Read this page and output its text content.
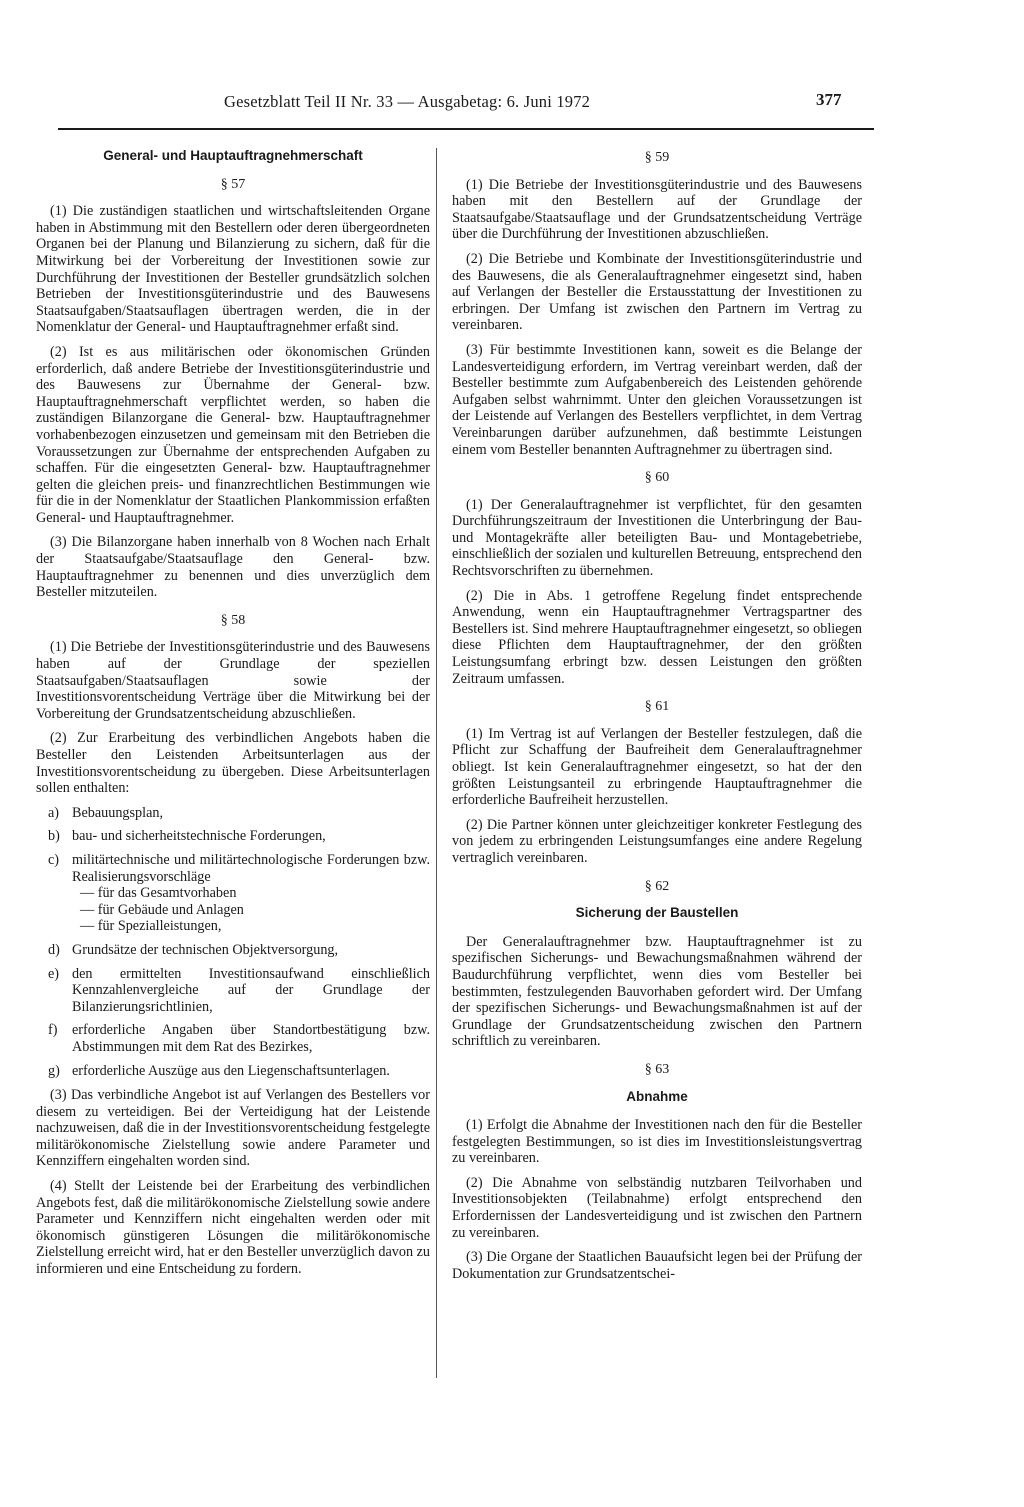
Gesetzblatt Teil II Nr. 33 — Ausgabetag: 6. Juni 1972	377
General- und Hauptauftragnehmerschaft
§ 57

(1) Die zuständigen staatlichen und wirtschaftsleitenden Organe haben in Abstimmung mit den Bestellern oder deren übergeordneten Organen bei der Planung und Bilanzierung zu sichern, daß für die Mitwirkung bei der Vorbereitung der Investitionen sowie zur Durchführung der Investitionen der Besteller grundsätzlich solchen Betrieben der Investitionsgüterindustrie und des Bauwesens Staatsaufgaben/Staatsauflagen übertragen werden, die in der Nomenklatur der General- und Hauptauftragnehmer erfaßt sind.

(2) Ist es aus militärischen oder ökonomischen Gründen erforderlich, daß andere Betriebe der Investitionsgüterindustrie und des Bauwesens zur Übernahme der General- bzw. Hauptauftragnehmerschaft verpflichtet werden, so haben die zuständigen Bilanzorgane die General- bzw. Hauptauftragnehmer vorhabenbezogen einzusetzen und gemeinsam mit den Betrieben die Voraussetzungen zur Übernahme der entsprechenden Aufgaben zu schaffen. Für die eingesetzten General- bzw. Hauptauftragnehmer gelten die gleichen preis- und finanzrechtlichen Bestimmungen wie für die in der Nomenklatur der Staatlichen Plankommission erfaßten General- und Hauptauftragnehmer.

(3) Die Bilanzorgane haben innerhalb von 8 Wochen nach Erhalt der Staatsaufgabe/Staatsauflage den General- bzw. Hauptauftragnehmer zu benennen und dies unverzüglich dem Besteller mitzuteilen.

§ 58

(1) Die Betriebe der Investitionsgüterindustrie und des Bauwesens haben auf der Grundlage der speziellen Staatsaufgaben/Staatsauflagen sowie der Investitionsvorentscheidung Verträge über die Mitwirkung bei der Vorbereitung der Grundsatzentscheidung abzuschließen.

(2) Zur Erarbeitung des verbindlichen Angebots haben die Besteller den Leistenden Arbeitsunterlagen aus der Investitionsvorentscheidung zu übergeben. Diese Arbeitsunterlagen sollen enthalten:

a) Bebauungsplan,
b) bau- und sicherheitstechnische Forderungen,
c) militärtechnische und militärtechnologische Forderungen bzw. Realisierungsvorschläge
— für das Gesamtvorhaben
— für Gebäude und Anlagen
— für Spezialleistungen,
d) Grundsätze der technischen Objektversorgung,
e) den ermittelten Investitionsaufwand einschließlich Kennzahlenvergleiche auf der Grundlage der Bilanzierungsrichtlinien,
f)	erforderliche Angaben über Standortbestätigung bzw. Abstimmungen mit dem Rat des Bezirkes,
g) erforderliche Auszüge aus den Liegenschaftsunterlagen.

(3) Das verbindliche Angebot ist auf Verlangen des Bestellers vor diesem zu verteidigen. Bei der Verteidigung hat der Leistende nachzuweisen, daß die in der Investitionsvorentscheidung festgelegte militärökonomische Zielstellung sowie andere Parameter und Kennziffern eingehalten worden sind.

(4) Stellt der Leistende bei der Erarbeitung des verbindlichen Angebots fest, daß die militärökonomische Zielstellung sowie andere Parameter und Kennziffern nicht eingehalten werden oder mit ökonomisch günstigeren Lösungen die militärökonomische Zielstellung erreicht wird, hat er den Besteller unverzüglich davon zu informieren und eine Entscheidung zu fordern.

§ 59

(1) Die Betriebe der Investitionsgüterindustrie und des Bauwesens haben mit den Bestellern auf der Grundlage der Staatsaufgabe/Staatsauflage und der Grundsatzentscheidung Verträge über die Durchführung der Investitionen abzuschließen.

(2) Die Betriebe und Kombinate der Investitionsgüterindustrie und des Bauwesens, die als Generalauftragnehmer eingesetzt sind, haben auf Verlangen der Besteller die Erstausstattung der Investitionen zu erbringen. Der Umfang ist zwischen den Partnern im Vertrag zu vereinbaren.

(3) Für bestimmte Investitionen kann, soweit es die Belange der Landesverteidigung erfordern, im Vertrag vereinbart werden, daß der Besteller bestimmte zum Aufgabenbereich des Leistenden gehörende Aufgaben selbst wahrnimmt. Unter den gleichen Voraussetzungen ist der Leistende auf Verlangen des Bestellers verpflichtet, in dem Vertrag Vereinbarungen darüber aufzunehmen, daß bestimmte Leistungen einem vom Besteller benannten Auftragnehmer zu übertragen sind.

§ 60

(1) Der Generalauftragnehmer ist verpflichtet, für den gesamten Durchführungszeitraum der Investitionen die Unterbringung der Bau- und Montagekräfte aller beteiligten Bau- und Montagebetriebe, einschließlich der sozialen und kulturellen Betreuung, entsprechend den Rechtsvorschriften zu übernehmen.

(2) Die in Abs. 1 getroffene Regelung findet entsprechende Anwendung, wenn ein Hauptauftragnehmer Vertragspartner des Bestellers ist. Sind mehrere Hauptauftragnehmer eingesetzt, so obliegen diese Pflichten dem Hauptauftragnehmer, der den größten Leistungsumfang erbringt bzw. dessen Leistungen den größten Zeitraum umfassen.

§ 61

(1) Im Vertrag ist auf Verlangen der Besteller festzulegen, daß die Pflicht zur Schaffung der Baufreiheit dem Generalauftragnehmer obliegt. Ist kein Generalauftragnehmer eingesetzt, so hat der den größten Leistungsanteil zu erbringende Hauptauftragnehmer die erforderliche Baufreiheit herzustellen.

(2) Die Partner können unter gleichzeitiger konkreter Festlegung des von jedem zu erbringenden Leistungsumfanges eine andere Regelung vertraglich vereinbaren.

§ 62
Sicherung der Baustellen

Der Generalauftragnehmer bzw. Hauptauftragnehmer ist zu spezifischen Sicherungs- und Bewachungsmaßnahmen während der Baudurchführung verpflichtet, wenn dies vom Besteller bei bestimmten, festzulegenden Bauvorhaben gefordert wird. Der Umfang der spezifischen Sicherungs- und Bewachungsmaßnahmen ist auf der Grundlage der Grundsatzentscheidung zwischen den Partnern schriftlich zu vereinbaren.

§ 63
Abnahme

(1) Erfolgt die Abnahme der Investitionen nach den für die Besteller festgelegten Bestimmungen, so ist dies im Investitionsleistungsvertrag zu vereinbaren.

(2) Die Abnahme von selbständig nutzbaren Teilvorhaben und Investitionsobjekten (Teilabnahme) erfolgt entsprechend den Erfordernissen der Landesverteidigung und ist zwischen den Partnern zu vereinbaren.

(3) Die Organe der Staatlichen Bauaufsicht legen bei der Prüfung der Dokumentation zur Grundsatzentschei-
